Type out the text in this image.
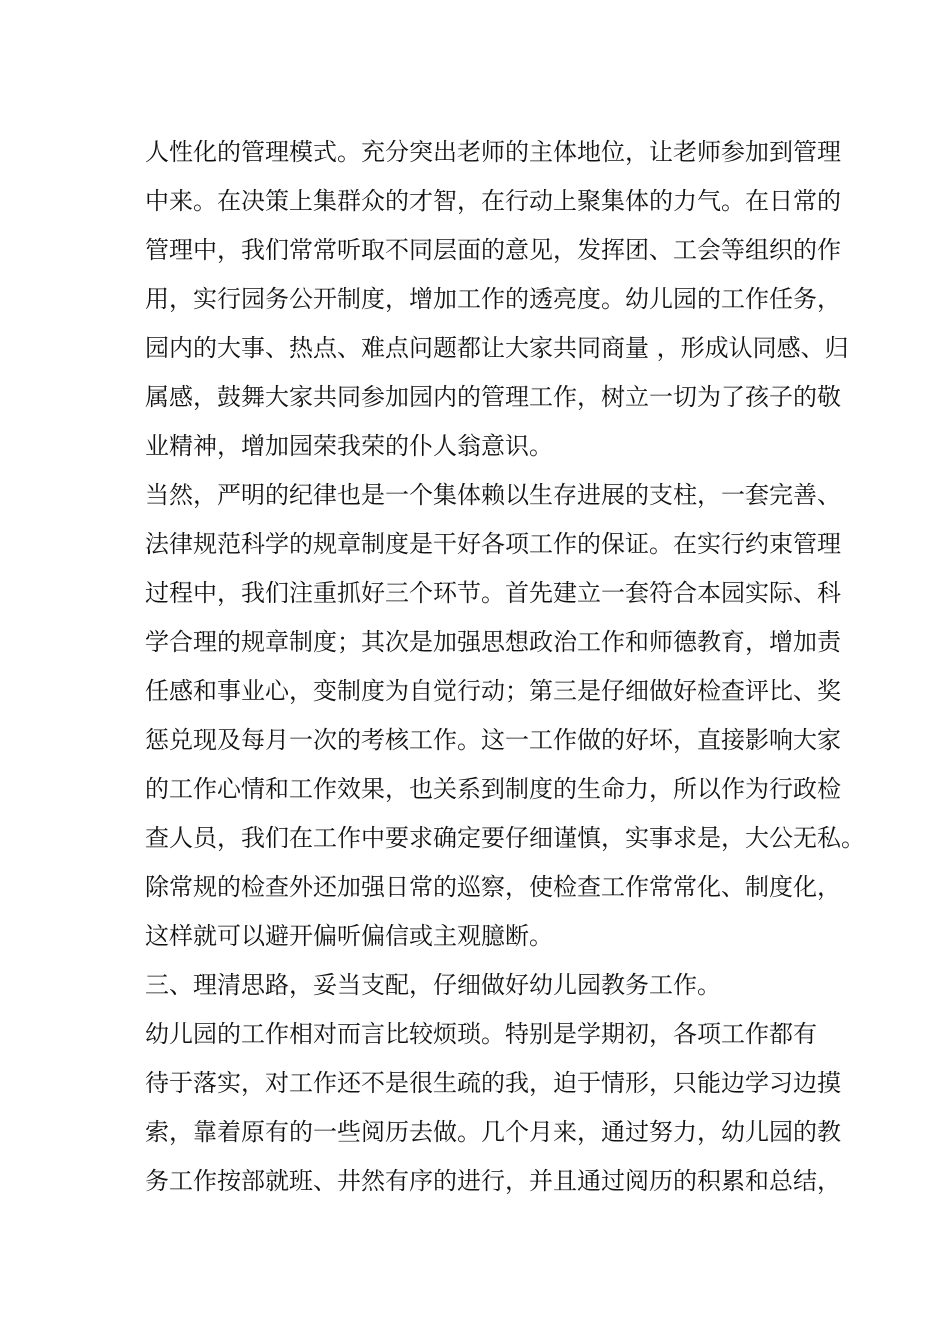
人性化的管理模式。充分突出老师的主体地位，让老师参加到管理
中来。在决策上集群众的才智，在行动上聚集体的力气。在日常的
管理中，我们常常听取不同层面的意见，发挥团、工会等组织的作
用，实行园务公开制度，增加工作的透亮度。幼儿园的工作任务，
园内的大事、热点、难点问题都让大家共同商量 ，形成认同感、归
属感，鼓舞大家共同参加园内的管理工作，树立一切为了孩子的敬
业精神，增加园荣我荣的仆人翁意识。
当然，严明的纪律也是一个集体赖以生存进展的支柱，一套完善、
法律规范科学的规章制度是干好各项工作的保证。在实行约束管理
过程中，我们注重抓好三个环节。首先建立一套符合本园实际、科
学合理的规章制度；其次是加强思想政治工作和师德教育，增加责
任感和事业心，变制度为自觉行动；第三是仔细做好检查评比、奖
惩兑现及每月一次的考核工作。这一工作做的好坏，直接影响大家
的工作心情和工作效果，也关系到制度的生命力，所以作为行政检
查人员，我们在工作中要求确定要仔细谨慎，实事求是，大公无私。
除常规的检查外还加强日常的巡察，使检查工作常常化、制度化，
这样就可以避开偏听偏信或主观臆断。
三、理清思路，妥当支配，仔细做好幼儿园教务工作。
幼儿园的工作相对而言比较烦琐。特别是学期初，各项工作都有
待于落实，对工作还不是很生疏的我，迫于情形，只能边学习边摸
索，靠着原有的一些阅历去做。几个月来，通过努力，幼儿园的教
务工作按部就班、井然有序的进行，并且通过阅历的积累和总结，
